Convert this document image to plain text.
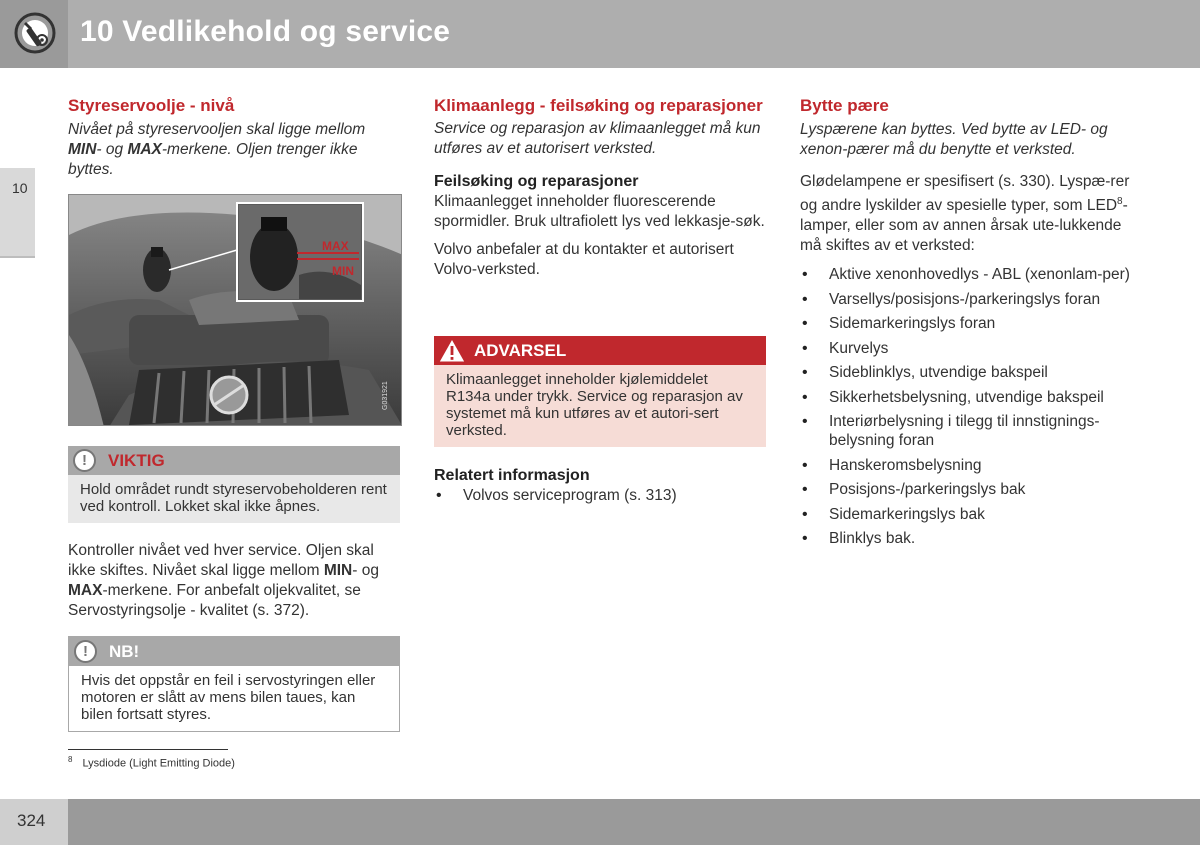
10 Vedlikehold og service
10
Styreservoolje - nivå
Nivået på styreservooljen skal ligge mellom MIN- og MAX-merkene. Oljen trenger ikke byttes.
MAX
MIN
G031921
!	VIKTIG
Hold området rundt styreservobeholderen rent ved kontroll. Lokket skal ikke åpnes.

Kontroller nivået ved hver service. Oljen skal ikke skiftes. Nivået skal ligge mellom MIN- og MAX-merkene. For anbefalt oljekvalitet, se Servostyringsolje - kvalitet (s. 372).

!	NB!
Hvis det oppstår en feil i servostyringen eller motoren er slått av mens bilen taues, kan bilen fortsatt styres.
Klimaanlegg - feilsøking og reparasjoner
Service og reparasjon av klimaanlegget må kun utføres av et autorisert verksted.
Feilsøking og reparasjoner

Klimaanlegget inneholder fluorescerende spormidler. Bruk ultrafiolett lys ved lekkasje-søk.

Volvo anbefaler at du kontakter et autorisert Volvo-verksted.

ADVARSEL
Klimaanlegget inneholder kjølemiddelet R134a under trykk. Service og reparasjon av systemet må kun utføres av et autori-sert verksted.
Relatert informasjon
• Volvos serviceprogram (s. 313)
Bytte pære
Lyspærene kan byttes. Ved bytte av LED- og xenon-pærer må du benytte et verksted.

Glødelampene er spesifisert (s. 330). Lyspæ-rer og andre lyskilder av spesielle typer, som LED$^8$-lamper, eller som av annen årsak ute-lukkende må skiftes av et verksted:

• Aktive xenonhovedlys - ABL (xenonlam-per)
• Varsellys/posisjons-/parkeringslys foran
• Sidemarkeringslys foran
• Kurvelys
• Sideblinklys, utvendige bakspeil
• Sikkerhetsbelysning, utvendige bakspeil
• Interiørbelysning i tilegg til innstignings-belysning foran
• Hanskeromsbelysning
• Posisjons-/parkeringslys bak
• Sidemarkeringslys bak
• Blinklys bak.
$^8$ Lysdiode (Light Emitting Diode)
324
